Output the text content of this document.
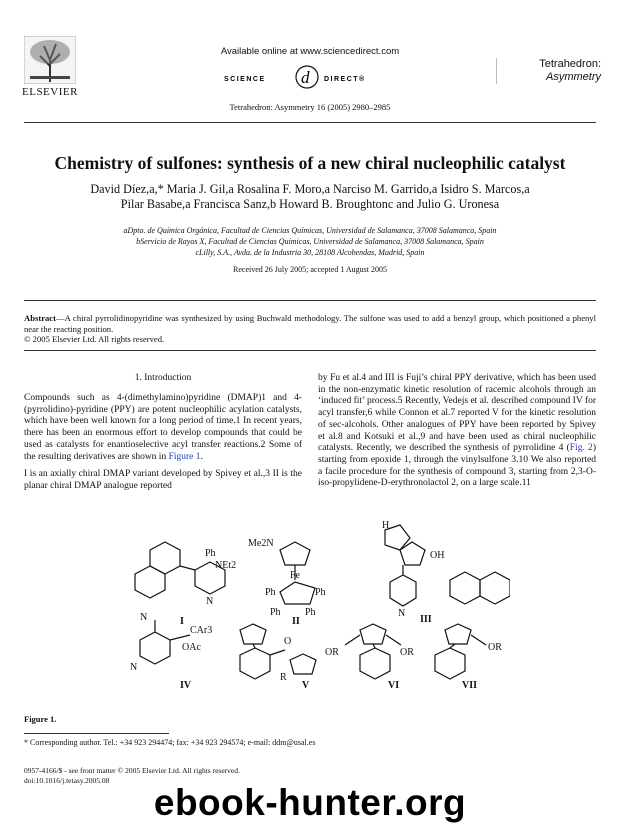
ELSEVIER
Available online at www.sciencedirect.com
SCIENCE d DIRECT®
Tetrahedron: Asymmetry 16 (2005) 2980–2985
Tetrahedron:
Asymmetry
Chemistry of sulfones: synthesis of a new chiral nucleophilic catalyst
David Díez,a,* Maria J. Gil,a Rosalina F. Moro,a Narciso M. Garrido,a Isidro S. Marcos,a
Pilar Basabe,a Francisca Sanz,b Howard B. Broughtonc and Julio G. Uronesa
aDpto. de Química Orgánica, Facultad de Ciencias Químicas, Universidad de Salamanca, 37008 Salamanca, Spain
bServicio de Rayos X, Facultad de Ciencias Químicas, Universidad de Salamanca, 37008 Salamanca, Spain
cLilly, S.A., Avda. de la Industria 30, 28108 Alcobendas, Madrid, Spain
Received 26 July 2005; accepted 1 August 2005
Abstract—A chiral pyrrolidinopyridine was synthesized by using Buchwald methodology. The sulfone was used to add a benzyl group, which positioned a phenyl near the reacting position.
© 2005 Elsevier Ltd. All rights reserved.
1. Introduction

Compounds such as 4-(dimethylamino)pyridine (DMAP)1 and 4-(pyrrolidino)-pyridine (PPY) are potent nucleophilic acylation catalysts, which have been well known for a long period of time.1 In recent years, there has been an enormous effort to develop compounds that could be used as catalysts for enantioselective acyl transfer reactions.2 Some of the resulting derivatives are shown in Figure 1.

I is an axially chiral DMAP variant developed by Spivey et al.,3 II is the planar chiral DMAP analogue reported

by Fu et al.4 and III is Fuji’s chiral PPY derivative, which has been used in the non-enzymatic kinetic resolution of racemic alcohols through an ‘induced fit’ process.5 Recently, Vedejs et al. described compound IV for acyl transfer,6 while Connon et al.7 reported V for the kinetic resolution of sec-alcohols. Other analogues of PPY have been reported by Spivey et al.8 and Kotsuki et al.,9 and have been used as chiral nucleophilic catalysts. Recently, we described the synthesis of pyrrolidine 4 (Fig. 2) starting from epoxide 1, through the vinylsulfone 3.10 We also reported a facile procedure for the synthesis of compound 3, starting from 2,3-O-iso-propylidene-D-erythronolactol 2, on a large scale.11

Ph
NEt2
N
Me2N
Fe
Ph	Ph
Ph Ph
H
OH
N
N
CAr3
OAc
N
O
R
OR	OR	OR
I	II	III
IV	V	VI	VII
Figure 1.
* Corresponding author. Tel.: +34 923 294474; fax: +34 923 294574; e-mail: ddm@usal.es
0957-4166/$ - see front matter © 2005 Elsevier Ltd. All rights reserved.
doi:10.1016/j.tetasy.2005.08
ebook-hunter.org
